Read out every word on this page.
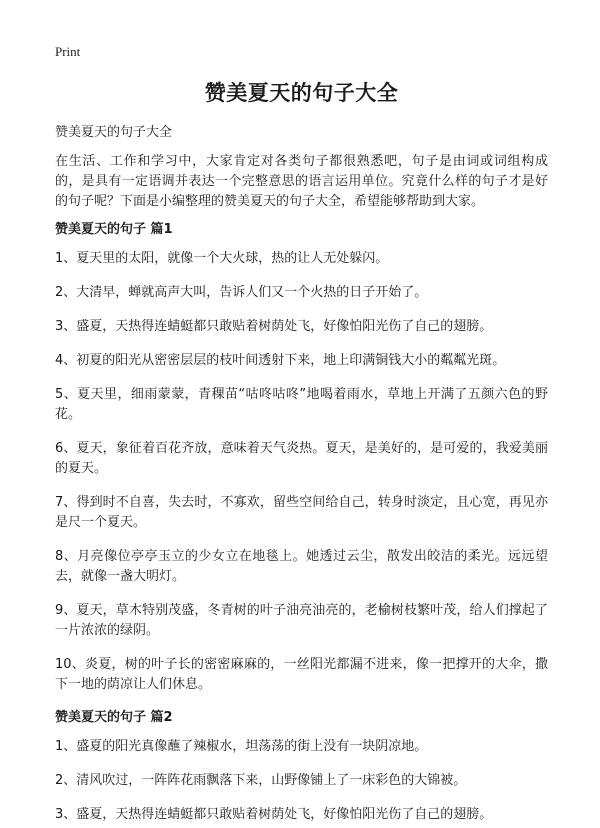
Print
赞美夏天的句子大全
赞美夏天的句子大全
在生活、工作和学习中，大家肯定对各类句子都很熟悉吧，句子是由词或词组构成的，是具有一定语调并表达一个完整意思的语言运用单位。究竟什么样的句子才是好的句子呢？下面是小编整理的赞美夏天的句子大全，希望能够帮助到大家。
赞美夏天的句子 篇1
1、夏天里的太阳，就像一个大火球，热的让人无处躲闪。
2、大清早，蝉就高声大叫，告诉人们又一个火热的日子开始了。
3、盛夏，天热得连蜻蜓都只敢贴着树荫处飞，好像怕阳光伤了自己的翅膀。
4、初夏的阳光从密密层层的枝叶间透射下来，地上印满铜钱大小的粼粼光斑。
5、夏天里，细雨蒙蒙，青稞苗“咕咚咕咚”地喝着雨水，草地上开满了五颜六色的野花。
6、夏天，象征着百花齐放，意味着天气炎热。夏天，是美好的，是可爱的，我爱美丽的夏天。
7、得到时不自喜，失去时，不寡欢，留些空间给自己，转身时淡定，且心宽，再见亦是尺一个夏天。
8、月亮像位亭亭玉立的少女立在地毯上。她透过云尘，散发出皎洁的柔光。远远望去，就像一盏大明灯。
9、夏天，草木特别茂盛，冬青树的叶子油亮油亮的，老榆树枝繁叶茂，给人们撑起了一片浓浓的绿阴。
10、炎夏，树的叶子长的密密麻麻的，一丝阳光都漏不进来，像一把撑开的大伞，撒下一地的荫凉让人们休息。
赞美夏天的句子 篇2
1、盛夏的阳光真像蘸了辣椒水，坦荡荡的街上没有一块阴凉地。
2、清风吹过，一阵阵花雨飘落下来，山野像铺上了一床彩色的大锦被。
3、盛夏，天热得连蜻蜓都只敢贴着树荫处飞，好像怕阳光伤了自己的翅膀。
